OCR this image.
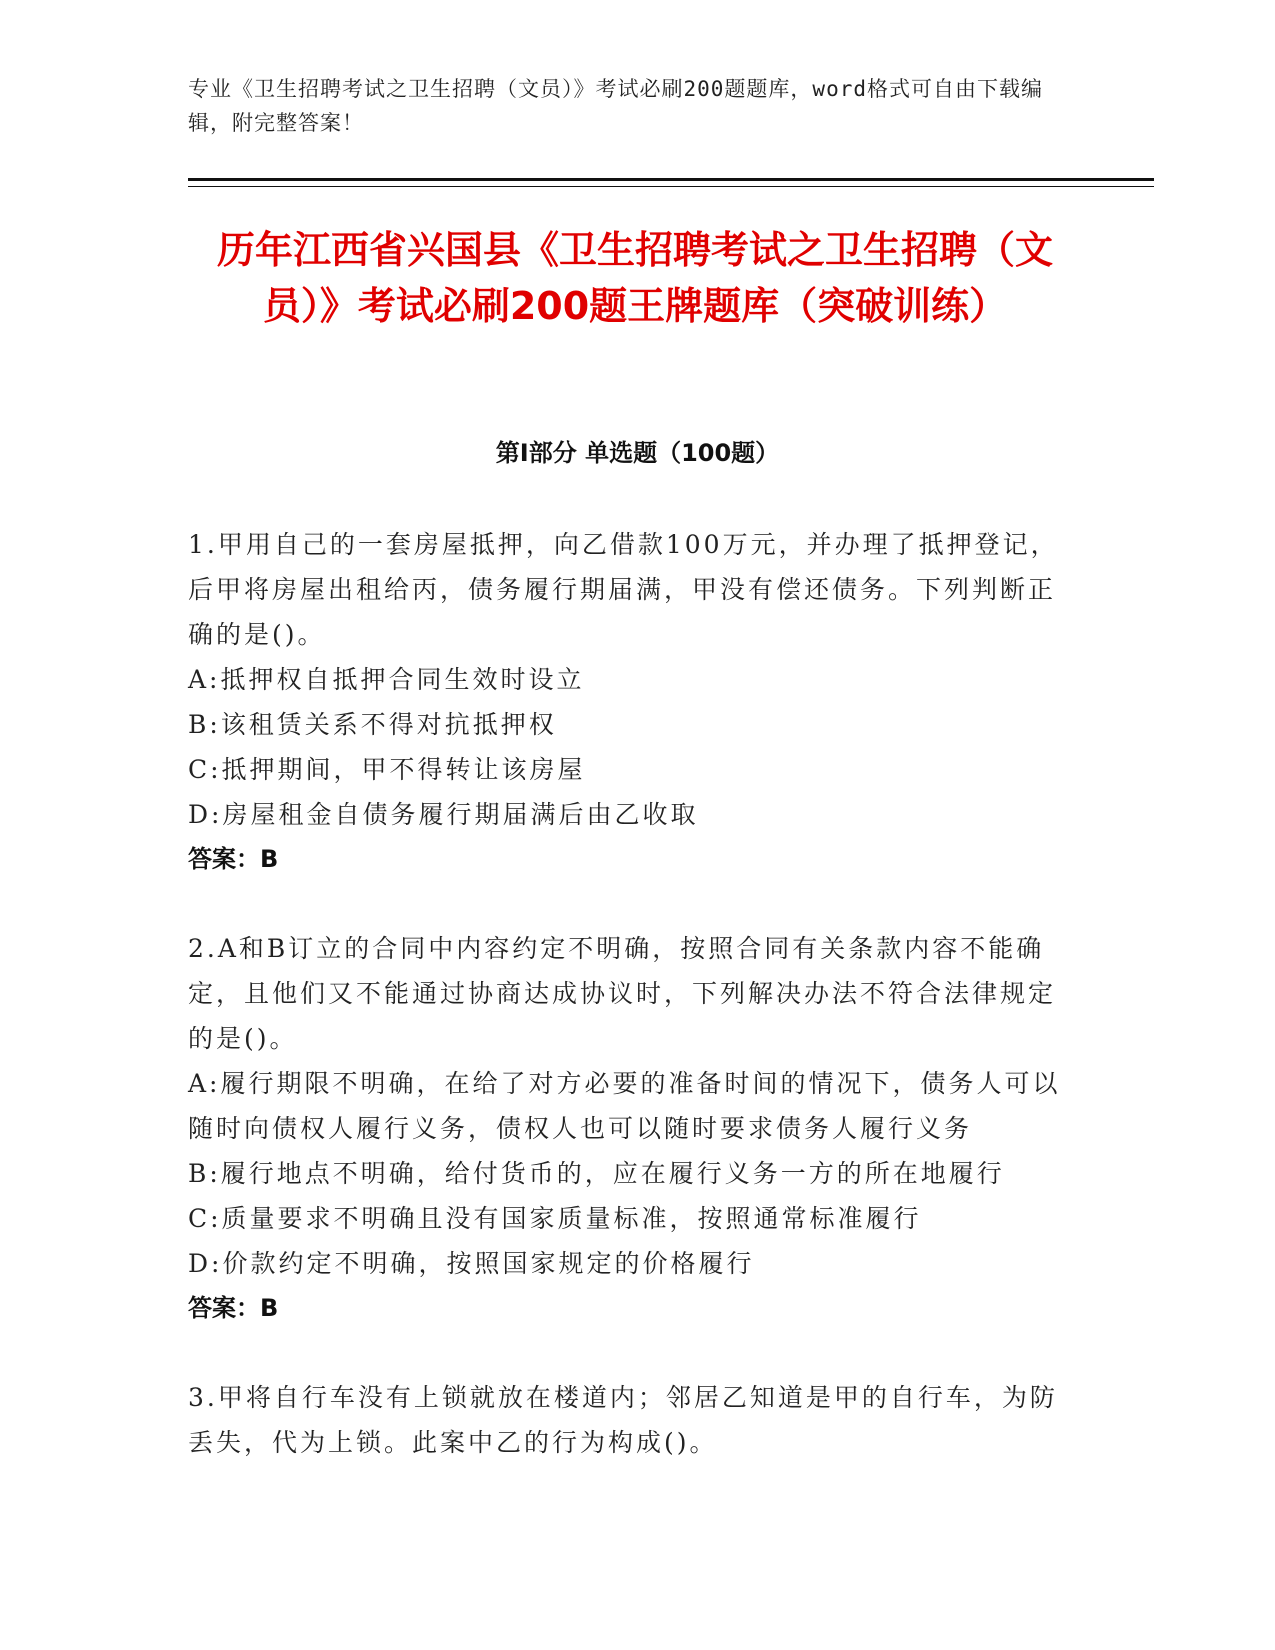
专业《卫生招聘考试之卫生招聘（文员）》考试必刷200题题库，word格式可自由下载编辑，附完整答案！
历年江西省兴国县《卫生招聘考试之卫生招聘（文员）》考试必刷200题王牌题库（突破训练）
第Ⅰ部分 单选题（100题）
1.甲用自己的一套房屋抵押，向乙借款100万元，并办理了抵押登记，后甲将房屋出租给丙，债务履行期届满，甲没有偿还债务。下列判断正确的是()。
A:抵押权自抵押合同生效时设立
B:该租赁关系不得对抗抵押权
C:抵押期间，甲不得转让该房屋
D:房屋租金自债务履行期届满后由乙收取
答案：B
2.A和B订立的合同中内容约定不明确，按照合同有关条款内容不能确定，且他们又不能通过协商达成协议时，下列解决办法不符合法律规定的是()。
A:履行期限不明确，在给了对方必要的准备时间的情况下，债务人可以随时向债权人履行义务，债权人也可以随时要求债务人履行义务
B:履行地点不明确，给付货币的，应在履行义务一方的所在地履行
C:质量要求不明确且没有国家质量标准，按照通常标准履行
D:价款约定不明确，按照国家规定的价格履行
答案：B
3.甲将自行车没有上锁就放在楼道内；邻居乙知道是甲的自行车，为防丢失，代为上锁。此案中乙的行为构成()。
